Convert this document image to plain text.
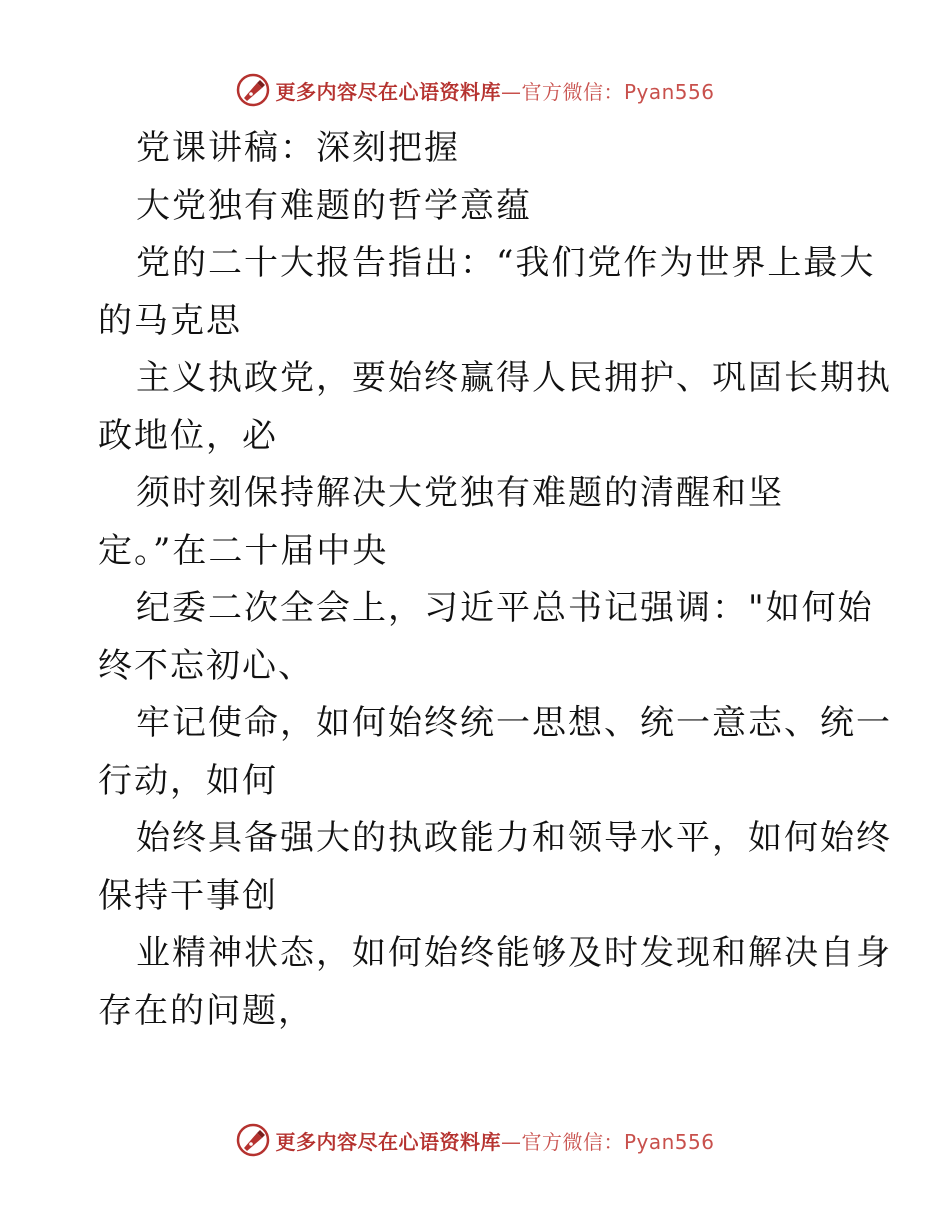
更多内容尽在心语资料库—官方微信：Pyan556
党课讲稿：深刻把握
大党独有难题的哲学意蕴
党的二十大报告指出：“我们党作为世界上最大
的马克思
主义执政党，要始终赢得人民拥护、巩固长期执
政地位，必
须时刻保持解决大党独有难题的清醒和坚
定。”在二十届中央
纪委二次全会上，习近平总书记强调："如何始
终不忘初心、
牢记使命，如何始终统一思想、统一意志、统一
行动，如何
始终具备强大的执政能力和领导水平，如何始终
保持干事创
业精神状态，如何始终能够及时发现和解决自身
存在的问题，
更多内容尽在心语资料库—官方微信：Pyan556
